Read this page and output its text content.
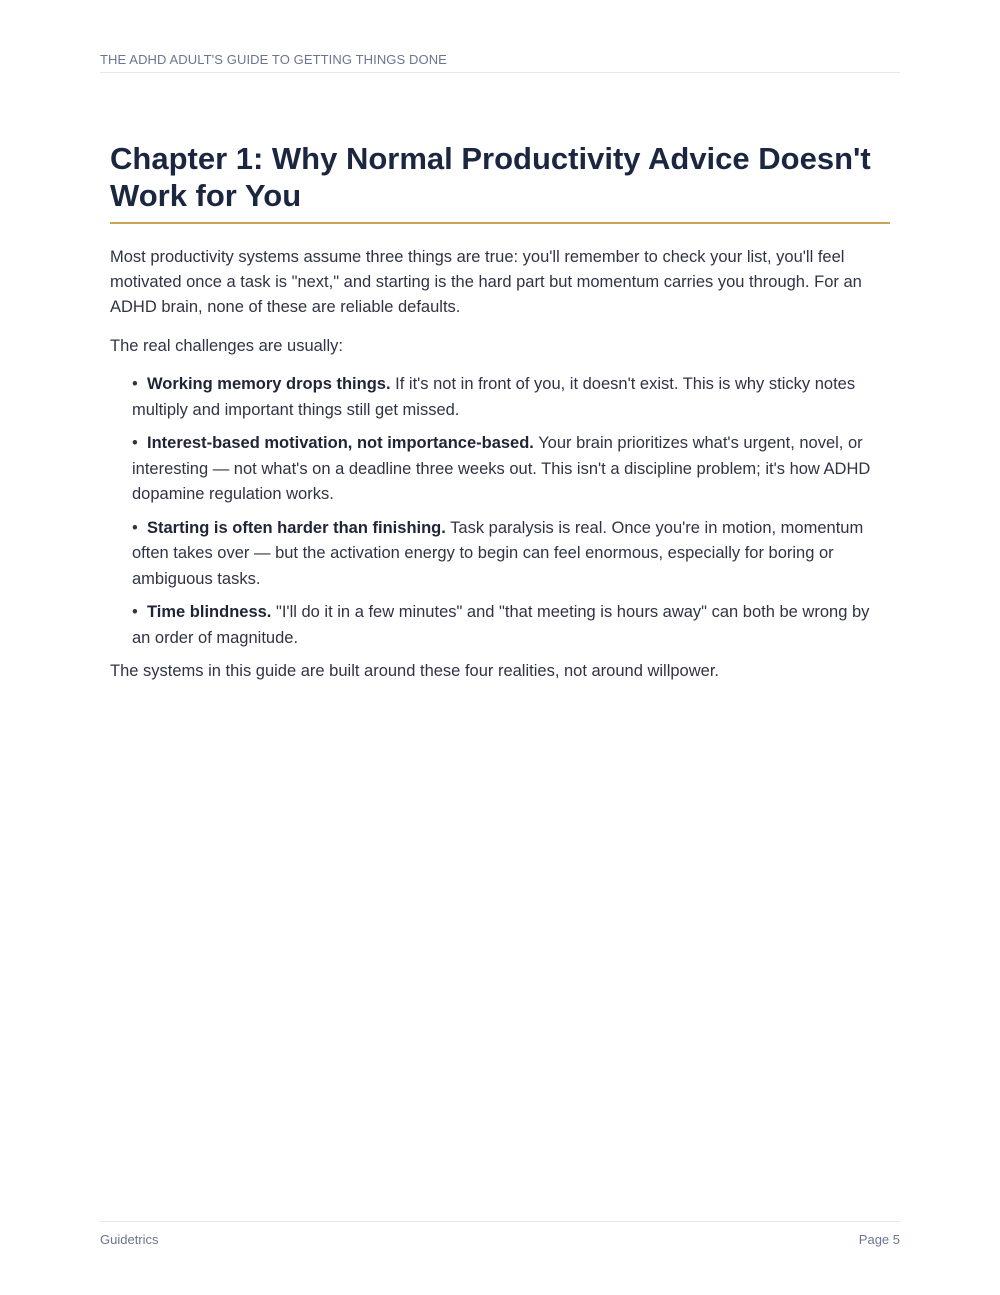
THE ADHD ADULT'S GUIDE TO GETTING THINGS DONE
Chapter 1: Why Normal Productivity Advice Doesn't Work for You

Most productivity systems assume three things are true: you'll remember to check your list, you'll feel motivated once a task is "next," and starting is the hard part but momentum carries you through. For an ADHD brain, none of these are reliable defaults.

The real challenges are usually:

• Working memory drops things. If it's not in front of you, it doesn't exist. This is why sticky notes multiply and important things still get missed.
• Interest-based motivation, not importance-based. Your brain prioritizes what's urgent, novel, or interesting — not what's on a deadline three weeks out. This isn't a discipline problem; it's how ADHD dopamine regulation works.
• Starting is often harder than finishing. Task paralysis is real. Once you're in motion, momentum often takes over — but the activation energy to begin can feel enormous, especially for boring or ambiguous tasks.
• Time blindness. "I'll do it in a few minutes" and "that meeting is hours away" can both be wrong by an order of magnitude.

The systems in this guide are built around these four realities, not around willpower.

Guidetrics	Page 5
